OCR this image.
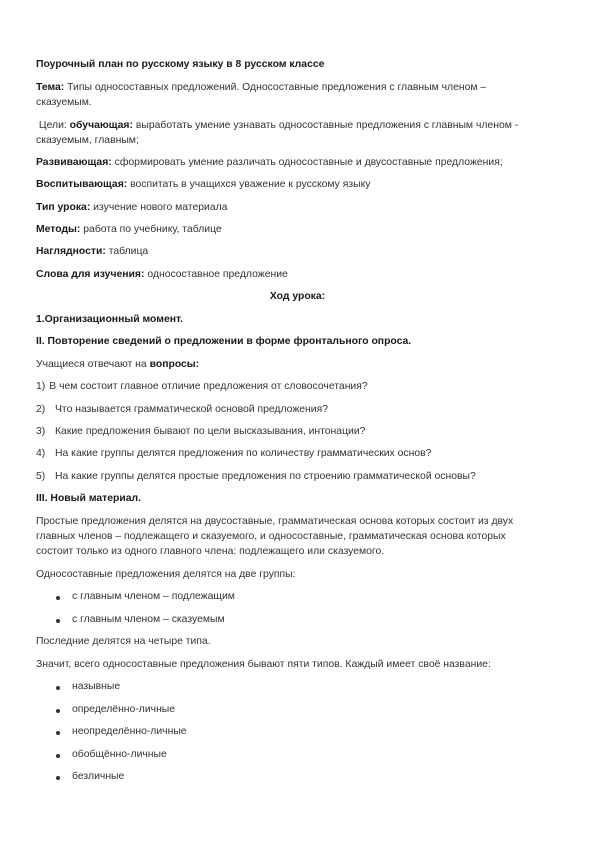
Поурочный план по русскому языку в 8 русском классе
Тема: Типы односоставных предложений. Односоставные предложения с главным членом –
сказуемым.
Цели: обучающая: выработать умение узнавать односоставные предложения с главным членом -
сказуемым, главным;
Развивающая: сформировать умение различать односоставные и двусоставные предложения;
Воспитывающая: воспитать в учащихся уважение к русскому языку
Тип урока: изучение нового материала
Методы: работа по учебнику, таблице
Наглядности: таблица
Слова для изучения: односоставное предложение
Ход урока:
1.Организационный момент.
II. Повторение сведений о предложении в форме фронтального опроса.
Учащиеся отвечают на вопросы:
1) В чем состоит главное отличие предложения от словосочетания?
2) Что называется грамматической основой предложения?
3) Какие предложения бывают по цели высказывания, интонации?
4) На какие группы делятся предложения по количеству грамматических основ?
5) На какие группы делятся простые предложения по строению грамматической основы?
III. Новый материал.
Простые предложения делятся на двусоставные, грамматическая основа которых состоит из двух
главных членов – подлежащего и сказуемого, и односоставные, грамматическая основа которых
состоит только из одного главного члена: подлежащего или сказуемого.
Односоставные предложения делятся на две группы:
с главным членом – подлежащим
с главным членом – сказуемым
Последние делятся на четыре типа.
Значит, всего односоставные предложения бывают пяти типов. Каждый имеет своё название:
назывные
определённо-личные
неопределённо-личные
обобщённо-личные
безличные
